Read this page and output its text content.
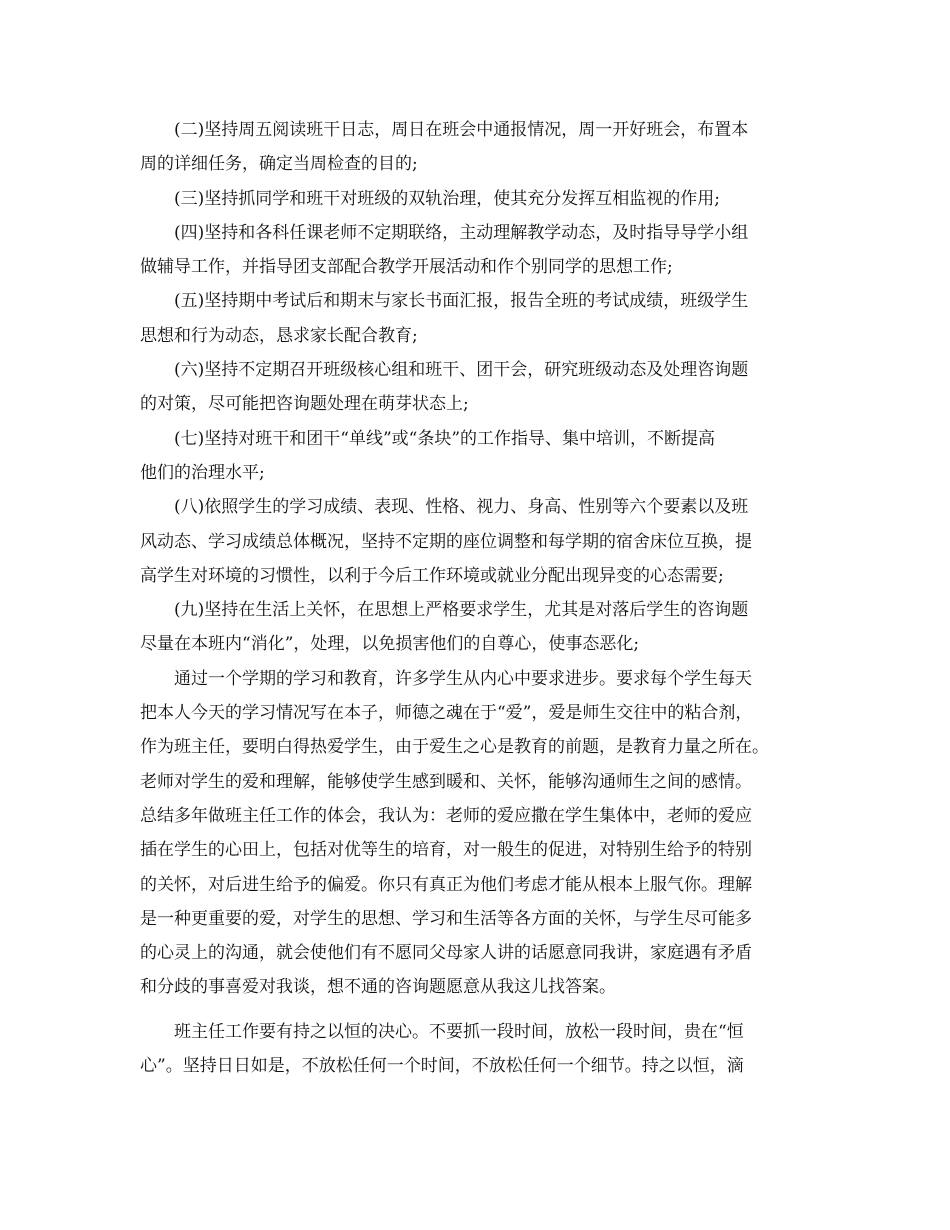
(二)坚持周五阅读班干日志，周日在班会中通报情况，周一开好班会，布置本
周的详细任务，确定当周检查的目的;
(三)坚持抓同学和班干对班级的双轨治理，使其充分发挥互相监视的作用;
(四)坚持和各科任课老师不定期联络，主动理解教学动态，及时指导导学小组
做辅导工作，并指导团支部配合教学开展活动和作个别同学的思想工作;
(五)坚持期中考试后和期末与家长书面汇报，报告全班的考试成绩，班级学生
思想和行为动态，恳求家长配合教育;
(六)坚持不定期召开班级核心组和班干、团干会，研究班级动态及处理咨询题
的对策，尽可能把咨询题处理在萌芽状态上;
(七)坚持对班干和团干“单线”或“条块”的工作指导、集中培训，不断提高
他们的治理水平;
(八)依照学生的学习成绩、表现、性格、视力、身高、性别等六个要素以及班
风动态、学习成绩总体概况，坚持不定期的座位调整和每学期的宿舍床位互换，提
高学生对环境的习惯性，以利于今后工作环境或就业分配出现异变的心态需要;
(九)坚持在生活上关怀，在思想上严格要求学生，尤其是对落后学生的咨询题
尽量在本班内“消化”，处理，以免损害他们的自尊心，使事态恶化;
通过一个学期的学习和教育，许多学生从内心中要求进步。要求每个学生每天
把本人今天的学习情况写在本子，师德之魂在于“爱”，爱是师生交往中的粘合剂，
作为班主任，要明白得热爱学生，由于爱生之心是教育的前题，是教育力量之所在。
老师对学生的爱和理解，能够使学生感到暖和、关怀，能够沟通师生之间的感情。
总结多年做班主任工作的体会，我认为：老师的爱应撒在学生集体中，老师的爱应
插在学生的心田上，包括对优等生的培育，对一般生的促进，对特别生给予的特别
的关怀，对后进生给予的偏爱。你只有真正为他们考虑才能从根本上服气你。理解
是一种更重要的爱，对学生的思想、学习和生活等各方面的关怀，与学生尽可能多
的心灵上的沟通，就会使他们有不愿同父母家人讲的话愿意同我讲，家庭遇有矛盾
和分歧的事喜爱对我谈，想不通的咨询题愿意从我这儿找答案。
班主任工作要有持之以恒的决心。不要抓一段时间，放松一段时间，贵在“恒
心”。坚持日日如是，不放松任何一个时间，不放松任何一个细节。持之以恒，滴
